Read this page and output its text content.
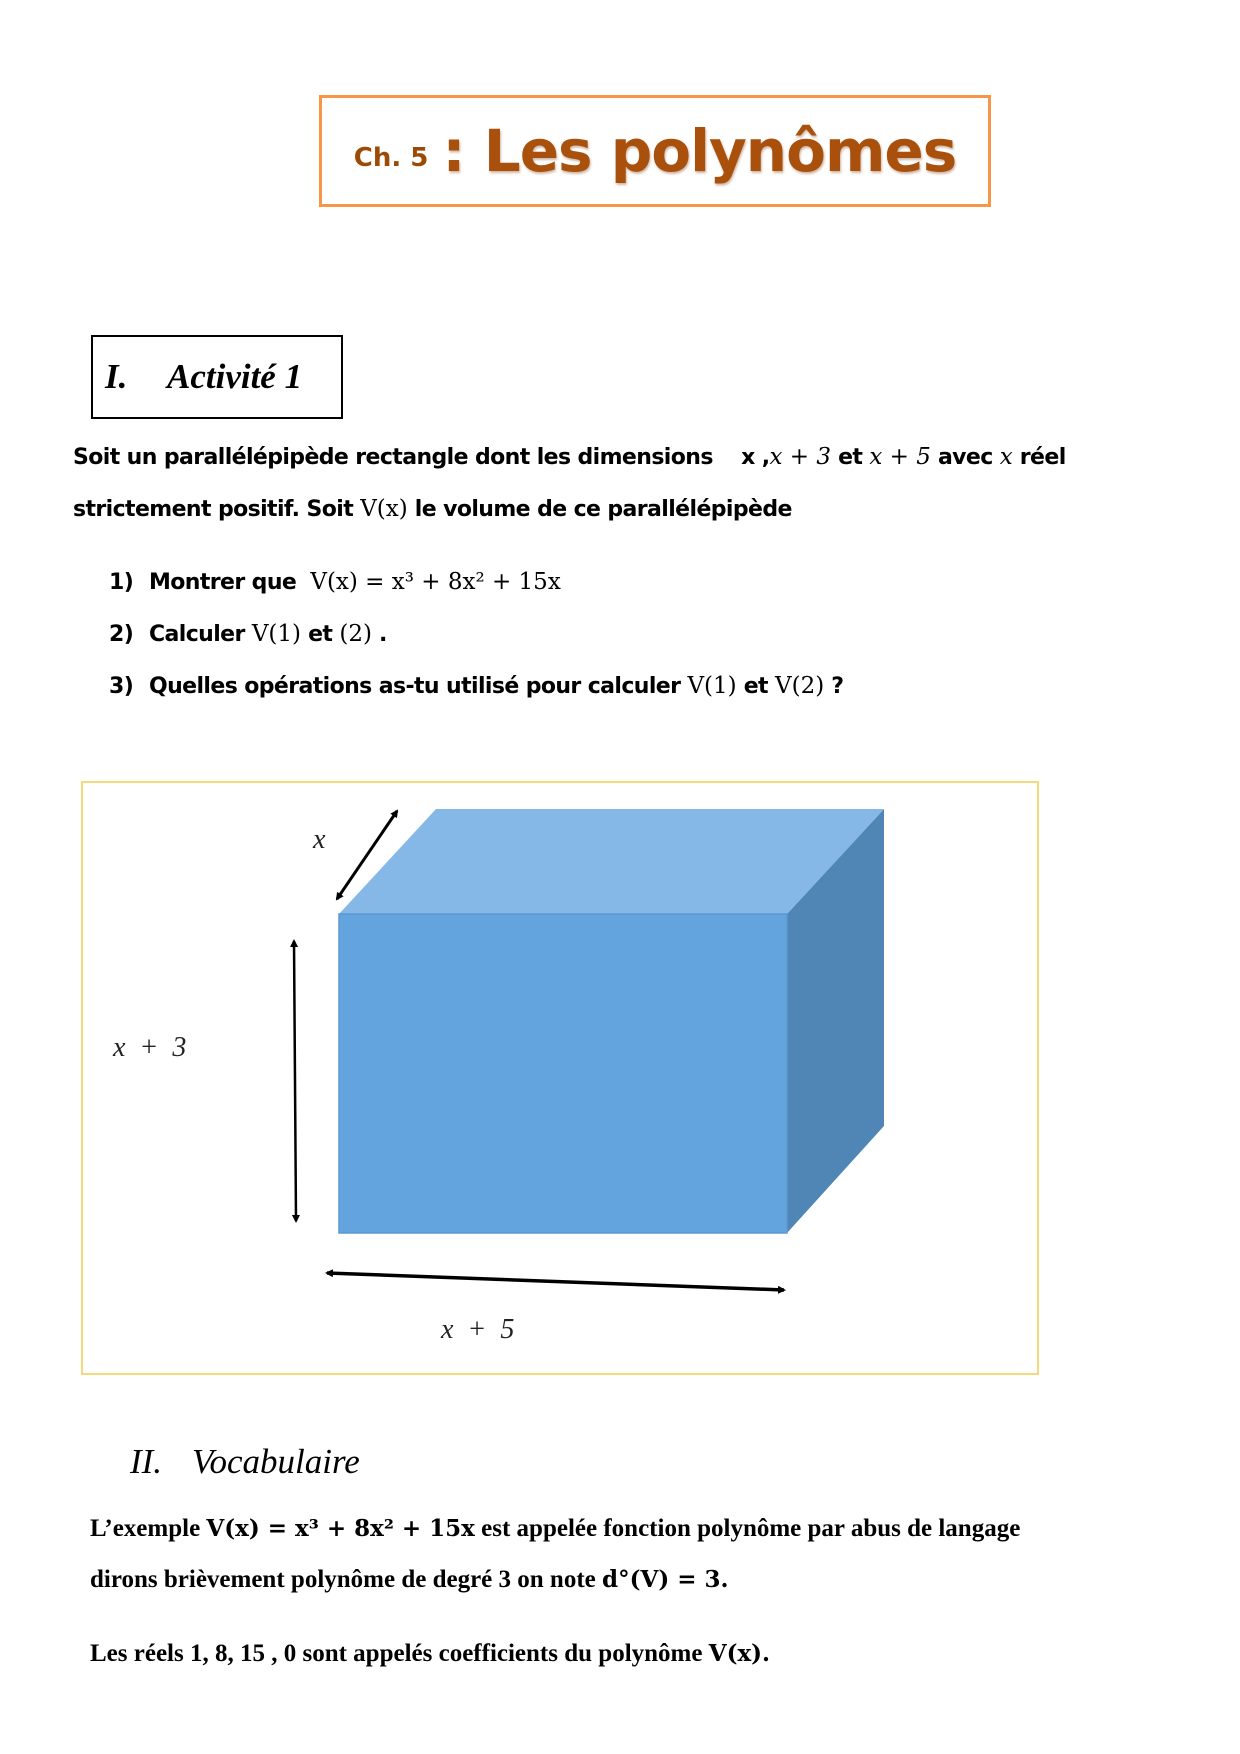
Ch. 5 : Les polynômes
I. Activité 1
Soit un parallélépipède rectangle dont les dimensions x ,x + 3 et x + 5 avec x réel
strictement positif. Soit V(x) le volume de ce parallélépipède
1) Montrer que V(x) = x³ + 8x² + 15x
2) Calculer V(1) et (2) .
3) Quelles opérations as-tu utilisé pour calculer V(1) et V(2) ?
x
x  +  3
x  +  5
II. Vocabulaire
L’exemple V(x) = x³ + 8x² + 15x est appelée fonction polynôme par abus de langage
dirons brièvement polynôme de degré 3 on note d°(V) = 3.
Les réels 1, 8, 15 , 0 sont appelés coefficients du polynôme V(x).
